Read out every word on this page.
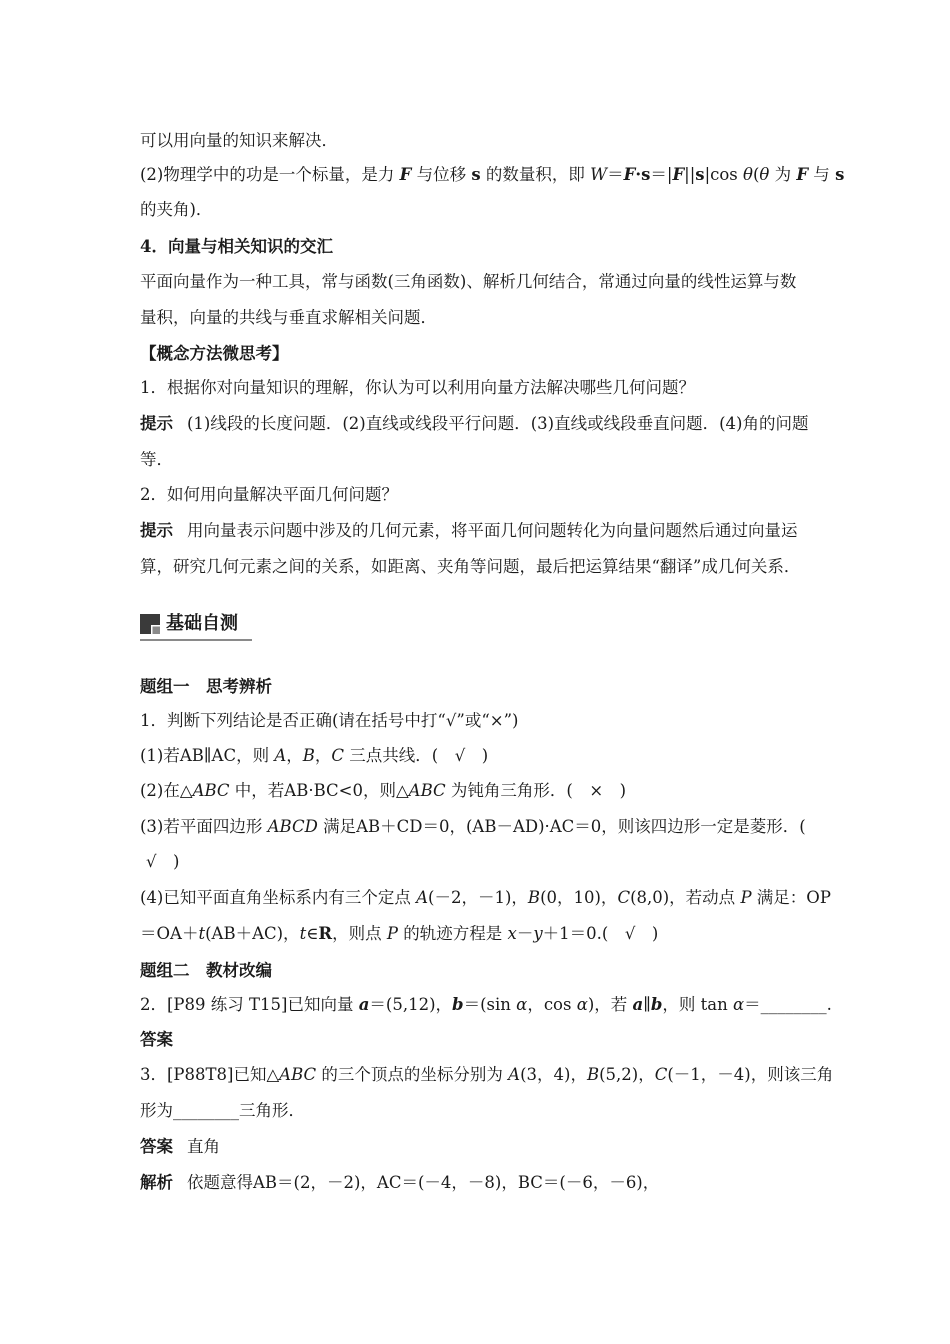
可以用向量的知识来解决．
(2)物理学中的功是一个标量，是力 F 与位移 s 的数量积，即 W＝F·s＝|F||s|cos θ(θ 为 F 与 s
的夹角)．
4．向量与相关知识的交汇
平面向量作为一种工具，常与函数(三角函数)、解析几何结合，常通过向量的线性运算与数
量积，向量的共线与垂直求解相关问题．
【概念方法微思考】
1．根据你对向量知识的理解，你认为可以利用向量方法解决哪些几何问题？
提示 (1)线段的长度问题．(2)直线或线段平行问题．(3)直线或线段垂直问题．(4)角的问题
等．
2．如何用向量解决平面几何问题？
提示 用向量表示问题中涉及的几何元素，将平面几何问题转化为向量问题然后通过向量运
算，研究几何元素之间的关系，如距离、夹角等问题，最后把运算结果“翻译”成几何关系．
基础自测
题组一　思考辨析
1．判断下列结论是否正确(请在括号中打“√”或“×”)
(1)若AB∥AC，则 A，B，C 三点共线．(　√　)
(2)在△ABC 中，若AB·BC<0，则△ABC 为钝角三角形．(　×　)
(3)若平面四边形 ABCD 满足AB＋CD＝0，(AB－AD)·AC＝0，则该四边形一定是菱形．(
√　)
(4)已知平面直角坐标系内有三个定点 A(－2，－1)，B(0，10)，C(8,0)，若动点 P 满足：OP
＝OA＋t(AB＋AC)，t∈R，则点 P 的轨迹方程是 x－y＋1＝0.(　√　)
题组二　教材改编
2．[P89 练习 T15]已知向量 a＝(5,12)，b＝(sin α，cos α)，若 a∥b，则 tan α＝________.
答案
3．[P88T8]已知△ABC 的三个顶点的坐标分别为 A(3，4)，B(5,2)，C(－1，－4)，则该三角
形为________三角形．
答案 直角
解析 依题意得AB＝(2，－2)，AC＝(－4，－8)，BC＝(－6，－6)，
